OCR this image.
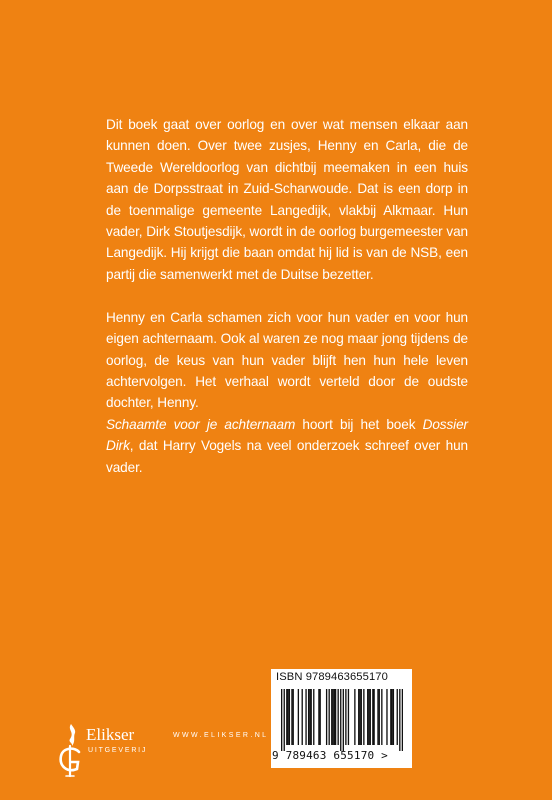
Dit boek gaat over oorlog en over wat mensen elkaar aan kunnen doen. Over twee zusjes, Henny en Carla, die de Tweede Wereldoorlog van dichtbij meemaken in een huis aan de Dorpsstraat in Zuid-Scharwoude. Dat is een dorp in de toenmalige gemeente Langedijk, vlakbij Alkmaar. Hun vader, Dirk Stoutjesdijk, wordt in de oorlog burgemeester van Langedijk. Hij krijgt die baan omdat hij lid is van de NSB, een partij die samenwerkt met de Duitse bezetter.

Henny en Carla schamen zich voor hun vader en voor hun eigen achternaam. Ook al waren ze nog maar jong tijdens de oorlog, de keus van hun vader blijft hen hun hele leven achtervolgen. Het verhaal wordt verteld door de oudste dochter, Henny.
Schaamte voor je achternaam hoort bij het boek Dossier Dirk, dat Harry Vogels na veel onderzoek schreef over hun vader.

Elikser
UITGEVERIJ
WWW.ELIKSER.NL
ISBN 9789463655170
9 789463 655170 >
